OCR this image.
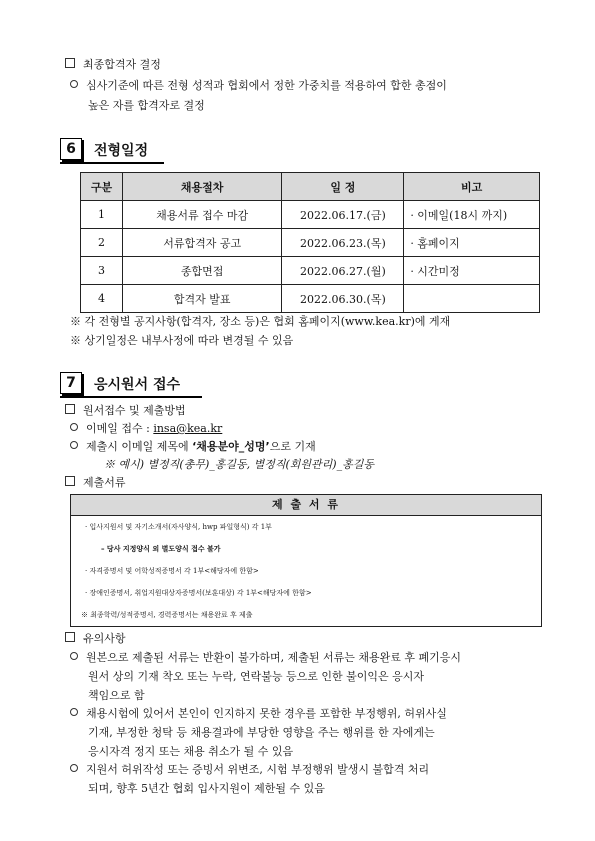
최종합격자 결정
심사기준에 따른 전형 성적과 협회에서 정한 가중치를 적용하여 합한 총점이
높은 자를 합격자로 결정
6	전형일정
구분	채용절차	일 정	비고
1	채용서류 접수 마감	2022.06.17.(금)	· 이메일(18시 까지)
2	서류합격자 공고	2022.06.23.(목)	· 홈페이지
3	종합면접	2022.06.27.(월)	· 시간미정
4	합격자 발표	2022.06.30.(목)	
※ 각 전형별 공지사항(합격자, 장소 등)은 협회 홈페이지(www.kea.kr)에 게재
※ 상기일정은 내부사정에 따라 변경될 수 있음
7	응시원서 접수
원서접수 및 제출방법
이메일 접수 : insa@kea.kr
제출시 이메일 제목에 ‘채용분야_성명’으로 기재
※ 예시) 별정직(총무)_홍길동, 별정직(회원관리)_홍길동
제출서류
제 출 서 류
· 입사지원서 및 자기소개서(자사양식, hwp 파일형식) 각 1부
– 당사 지정양식 외 별도양식 접수 불가
· 자격증명서 및 어학성적증명서 각 1부<해당자에 한함>
· 장애인증명서, 취업지원대상자증명서(보훈대상) 각 1부<해당자에 한함>
※ 최종학력/성적증명서, 경력증명서는 채용완료 후 제출
유의사항
원본으로 제출된 서류는 반환이 불가하며, 제출된 서류는 채용완료 후 폐기응시
원서 상의 기재 착오 또는 누락, 연락불능 등으로 인한 불이익은 응시자
책임으로 함
채용시험에 있어서 본인이 인지하지 못한 경우를 포함한 부정행위, 허위사실
기재, 부정한 청탁 등 채용결과에 부당한 영향을 주는 행위를 한 자에게는
응시자격 정지 또는 채용 취소가 될 수 있음
지원서 허위작성 또는 증빙서 위변조, 시험 부정행위 발생시 불합격 처리
되며, 향후 5년간 협회 입사지원이 제한될 수 있음
